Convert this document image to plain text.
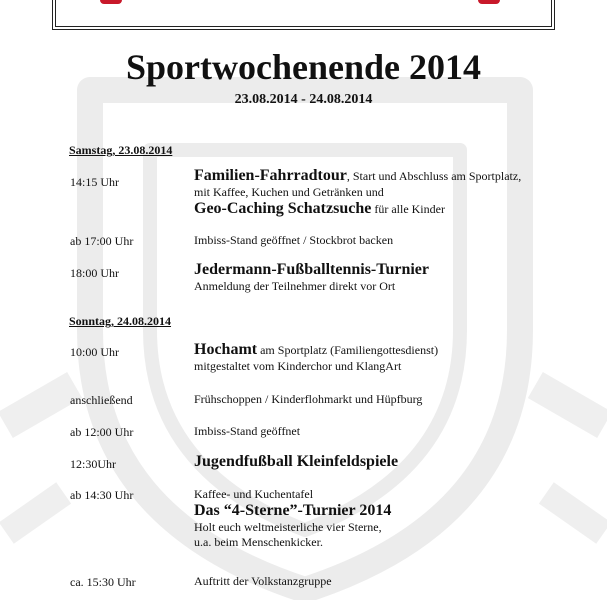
Sportwochenende 2014
23.08.2014 - 24.08.2014
Samstag, 23.08.2014
14:15 Uhr	Familien-Fahrradtour, Start und Abschluss am Sportplatz,
mit Kaffee, Kuchen und Getränken und
Geo-Caching Schatzsuche für alle Kinder
ab 17:00 Uhr	Imbiss-Stand geöffnet / Stockbrot backen
18:00 Uhr	Jedermann-Fußballtennis-Turnier
Anmeldung der Teilnehmer direkt vor Ort
Sonntag, 24.08.2014
10:00 Uhr	Hochamt am Sportplatz (Familiengottesdienst)
mitgestaltet vom Kinderchor und KlangArt
anschließend	Frühschoppen / Kinderflohmarkt und Hüpfburg
ab 12:00 Uhr	Imbiss-Stand geöffnet
12:30Uhr	Jugendfußball Kleinfeldspiele
ab 14:30 Uhr	Kaffee- und Kuchentafel
Das “4-Sterne”-Turnier 2014
Holt euch weltmeisterliche vier Sterne,
u.a. beim Menschenkicker.
ca. 15:30 Uhr	Auftritt der Volkstanzgruppe
